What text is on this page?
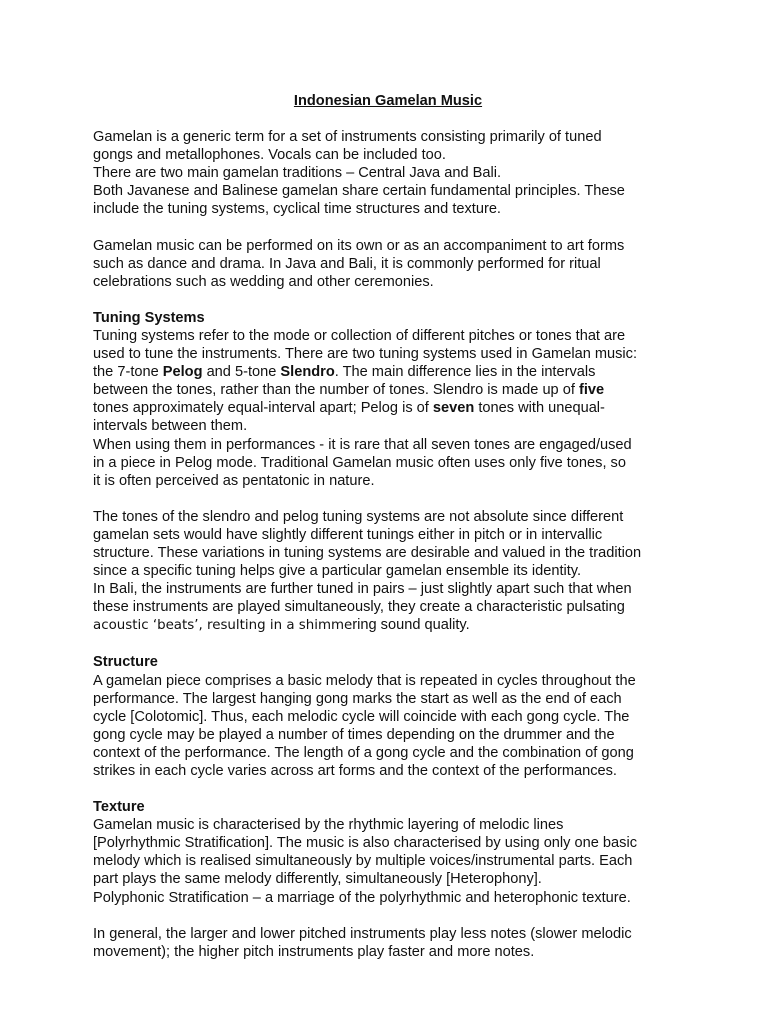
Indonesian Gamelan Music
Gamelan is a generic term for a set of instruments consisting primarily of tuned
gongs and metallophones. Vocals can be included too.
There are two main gamelan traditions – Central Java and Bali.
Both Javanese and Balinese gamelan share certain fundamental principles. These
include the tuning systems, cyclical time structures and texture.
Gamelan music can be performed on its own or as an accompaniment to art forms
such as dance and drama. In Java and Bali, it is commonly performed for ritual
celebrations such as wedding and other ceremonies.
Tuning Systems
Tuning systems refer to the mode or collection of different pitches or tones that are
used to tune the instruments. There are two tuning systems used in Gamelan music:
the 7-tone Pelog and 5-tone Slendro. The main difference lies in the intervals
between the tones, rather than the number of tones. Slendro is made up of five
tones approximately equal-interval apart; Pelog is of seven tones with unequal-
intervals between them.
When using them in performances - it is rare that all seven tones are engaged/used
in a piece in Pelog mode. Traditional Gamelan music often uses only five tones, so
it is often perceived as pentatonic in nature.
The tones of the slendro and pelog tuning systems are not absolute since different
gamelan sets would have slightly different tunings either in pitch or in intervallic
structure. These variations in tuning systems are desirable and valued in the tradition
since a specific tuning helps give a particular gamelan ensemble its identity.
In Bali, the instruments are further tuned in pairs – just slightly apart such that when
these instruments are played simultaneously, they create a characteristic pulsating
acoustic ‘beats’, resulting in a shimmering sound quality.
Structure
A gamelan piece comprises a basic melody that is repeated in cycles throughout the
performance. The largest hanging gong marks the start as well as the end of each
cycle [Colotomic]. Thus, each melodic cycle will coincide with each gong cycle. The
gong cycle may be played a number of times depending on the drummer and the
context of the performance. The length of a gong cycle and the combination of gong
strikes in each cycle varies across art forms and the context of the performances.
Texture
Gamelan music is characterised by the rhythmic layering of melodic lines
[Polyrhythmic Stratification]. The music is also characterised by using only one basic
melody which is realised simultaneously by multiple voices/instrumental parts. Each
part plays the same melody differently, simultaneously [Heterophony].
Polyphonic Stratification – a marriage of the polyrhythmic and heterophonic texture.
In general, the larger and lower pitched instruments play less notes (slower melodic
movement); the higher pitch instruments play faster and more notes.
